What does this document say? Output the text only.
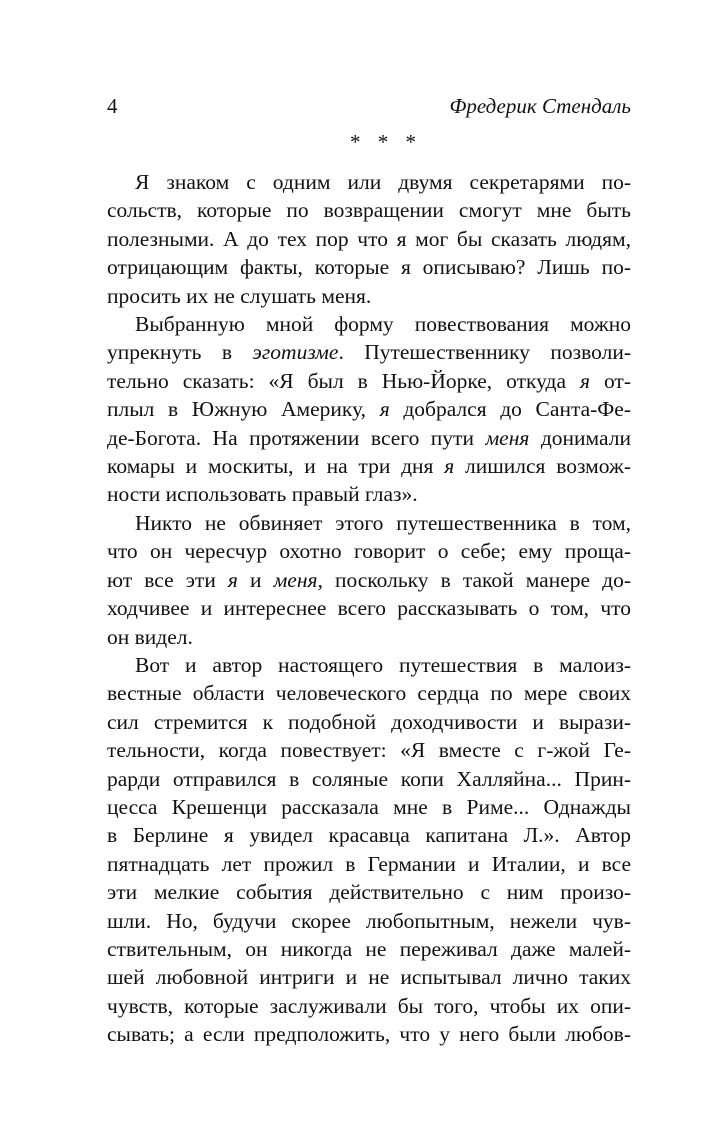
4	Фредерик Стендаль
* * *

Я знаком с одним или двумя секретарями по-
сольств, которые по возвращении смогут мне быть
полезными. А до тех пор что я мог бы сказать людям,
отрицающим факты, которые я описываю? Лишь по-
просить их не слушать меня.

Выбранную мной форму повествования можно
упрекнуть в эготизме. Путешественнику позволи-
тельно сказать: «Я был в Нью-Йорке, откуда я от-
плыл в Южную Америку, я добрался до Санта-Фе-
де-Богота. На протяжении всего пути меня донимали
комары и москиты, и на три дня я лишился возмож-
ности использовать правый глаз».

Никто не обвиняет этого путешественника в том,
что он чересчур охотно говорит о себе; ему проща-
ют все эти я и меня, поскольку в такой манере до-
ходчивее и интереснее всего рассказывать о том, что
он видел.

Вот и автор настоящего путешествия в малоиз-
вестные области человеческого сердца по мере своих
сил стремится к подобной доходчивости и вырази-
тельности, когда повествует: «Я вместе с г-жой Ге-
рарди отправился в соляные копи Халляйна... Прин-
цесса Крешенци рассказала мне в Риме... Однажды
в Берлине я увидел красавца капитана Л.». Автор
пятнадцать лет прожил в Германии и Италии, и все
эти мелкие события действительно с ним произо-
шли. Но, будучи скорее любопытным, нежели чув-
ствительным, он никогда не переживал даже малей-
шей любовной интриги и не испытывал лично таких
чувств, которые заслуживали бы того, чтобы их опи-
сывать; а если предположить, что у него были любов-
